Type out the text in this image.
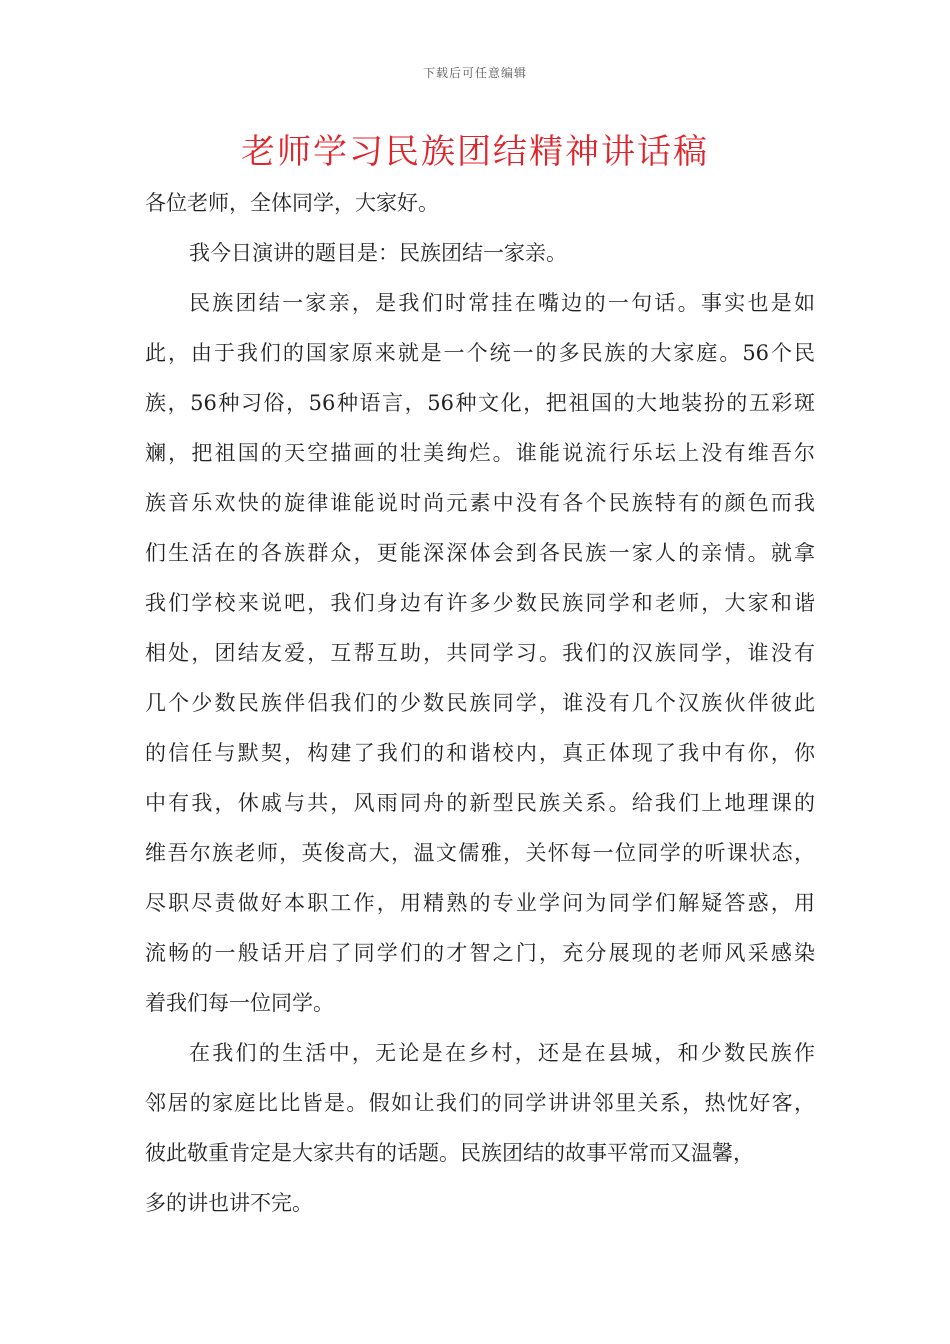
下载后可任意编辑
老师学习民族团结精神讲话稿
各位老师，全体同学，大家好。
我今日演讲的题目是：民族团结一家亲。
民族团结一家亲，是我们时常挂在嘴边的一句话。事实也是如
此，由于我们的国家原来就是一个统一的多民族的大家庭。56个民
族，56种习俗，56种语言，56种文化，把祖国的大地装扮的五彩斑
斓，把祖国的天空描画的壮美绚烂。谁能说流行乐坛上没有维吾尔
族音乐欢快的旋律谁能说时尚元素中没有各个民族特有的颜色而我
们生活在的各族群众，更能深深体会到各民族一家人的亲情。就拿
我们学校来说吧，我们身边有许多少数民族同学和老师，大家和谐
相处，团结友爱，互帮互助，共同学习。我们的汉族同学，谁没有
几个少数民族伴侣我们的少数民族同学，谁没有几个汉族伙伴彼此
的信任与默契，构建了我们的和谐校内，真正体现了我中有你，你
中有我，休戚与共，风雨同舟的新型民族关系。给我们上地理课的
维吾尔族老师，英俊高大，温文儒雅，关怀每一位同学的听课状态，
尽职尽责做好本职工作，用精熟的专业学问为同学们解疑答惑，用
流畅的一般话开启了同学们的才智之门，充分展现的老师风采感染
着我们每一位同学。
在我们的生活中，无论是在乡村，还是在县城，和少数民族作
邻居的家庭比比皆是。假如让我们的同学讲讲邻里关系，热忱好客，
彼此敬重肯定是大家共有的话题。民族团结的故事平常而又温馨，
多的讲也讲不完。
